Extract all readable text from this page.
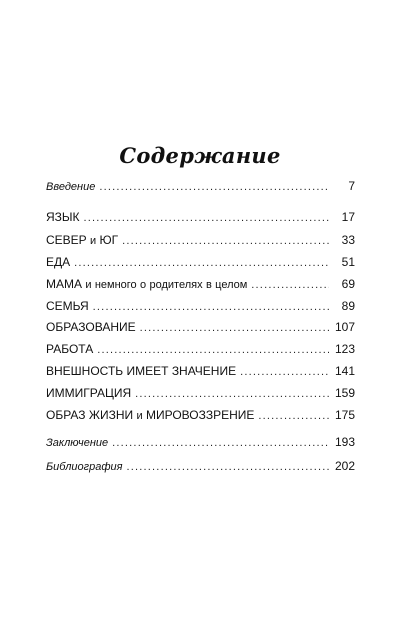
Содержание
Введение .....	7
ЯЗЫК .....	17
СЕВЕР и ЮГ .....	33
ЕДА .....	51
МАМА и немного о родителях в целом .....	69
СЕМЬЯ .....	89
ОБРАЗОВАНИЕ .....	107
РАБОТА .....	123
ВНЕШНОСТЬ ИМЕЕТ ЗНАЧЕНИЕ .....	141
ИММИГРАЦИЯ .....	159
ОБРАЗ ЖИЗНИ и МИРОВОЗЗРЕНИЕ .....	175
Заключение .....	193
Библиография .....	202
